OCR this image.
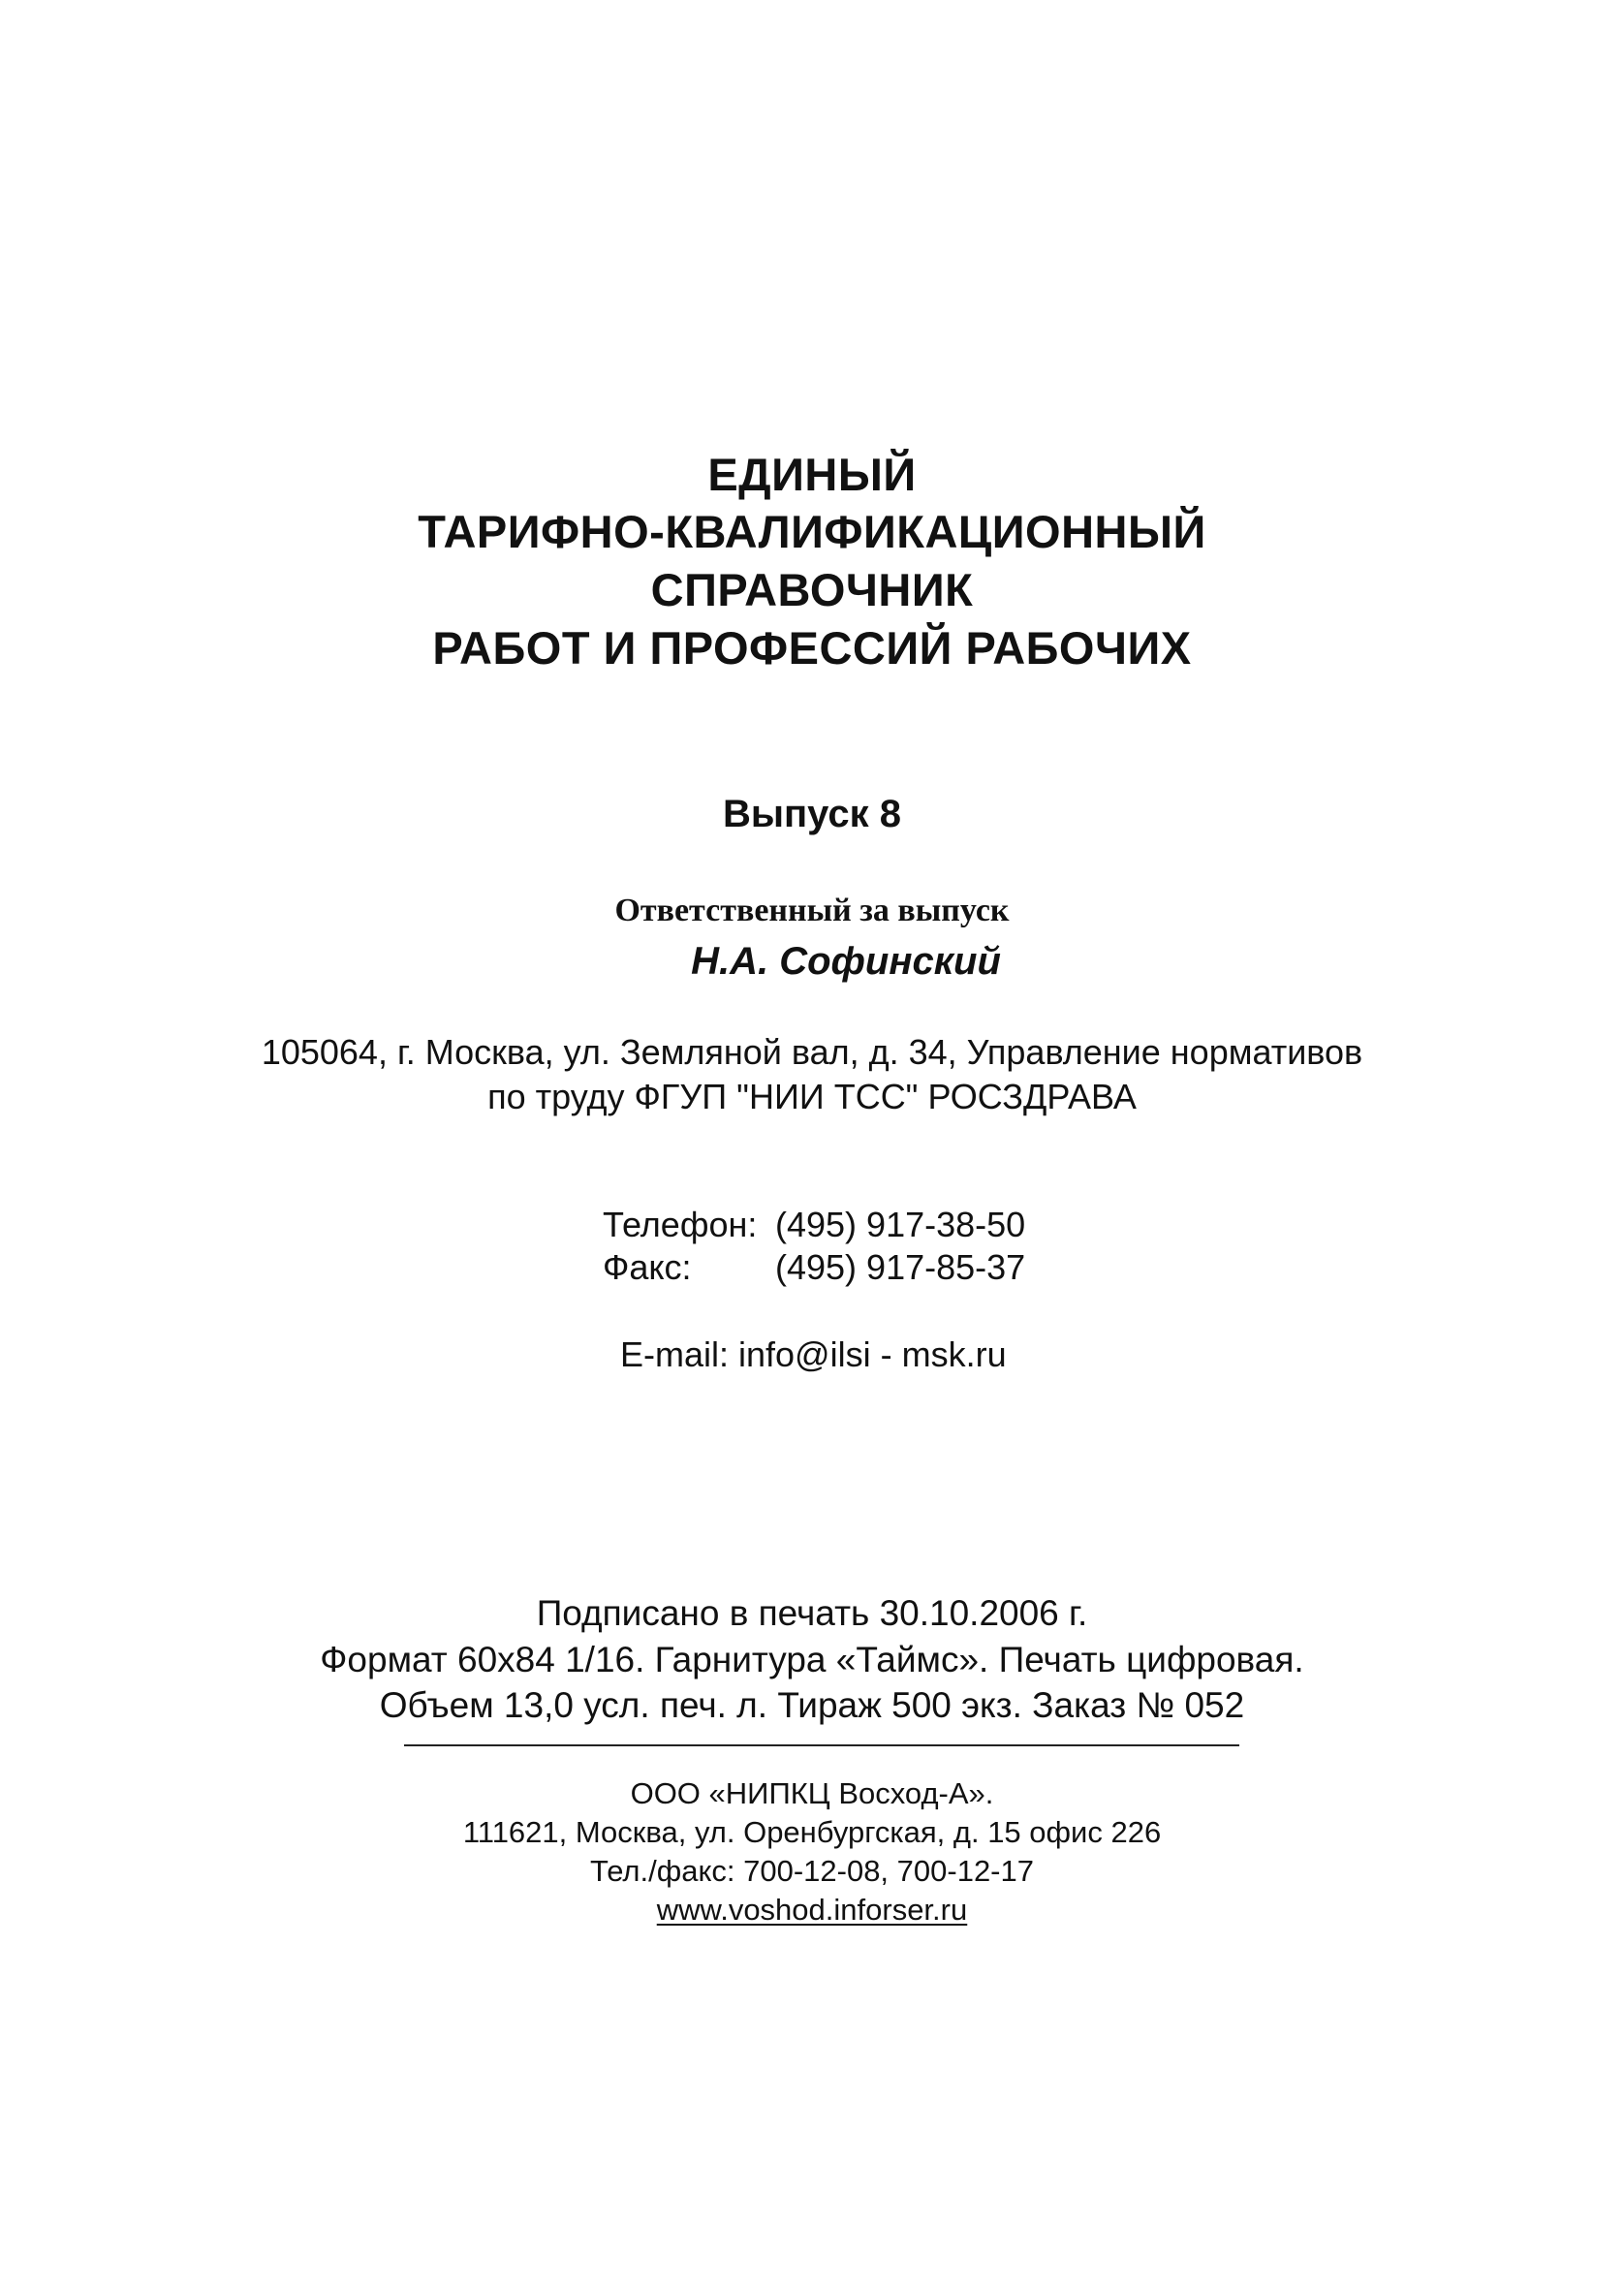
ЕДИНЫЙ
ТАРИФНО-КВАЛИФИКАЦИОННЫЙ
СПРАВОЧНИК
РАБОТ И ПРОФЕССИЙ РАБОЧИХ
Выпуск 8
Ответственный за выпуск
Н.А. Софинский
105064, г. Москва, ул. Земляной вал, д. 34, Управление нормативов
по труду ФГУП "НИИ ТСС" РОСЗДРАВА
Телефон: (495) 917-38-50
Факс: (495) 917-85-37
E-mail: info@ilsi - msk.ru
Подписано в печать 30.10.2006 г.
Формат 60x84 1/16. Гарнитура «Таймс». Печать цифровая.
Объем 13,0 усл. печ. л. Тираж 500 экз. Заказ № 052
ООО «НИПКЦ Восход-А».
111621, Москва, ул. Оренбургская, д. 15 офис 226
Тел./факс: 700-12-08, 700-12-17
www.voshod.inforser.ru
